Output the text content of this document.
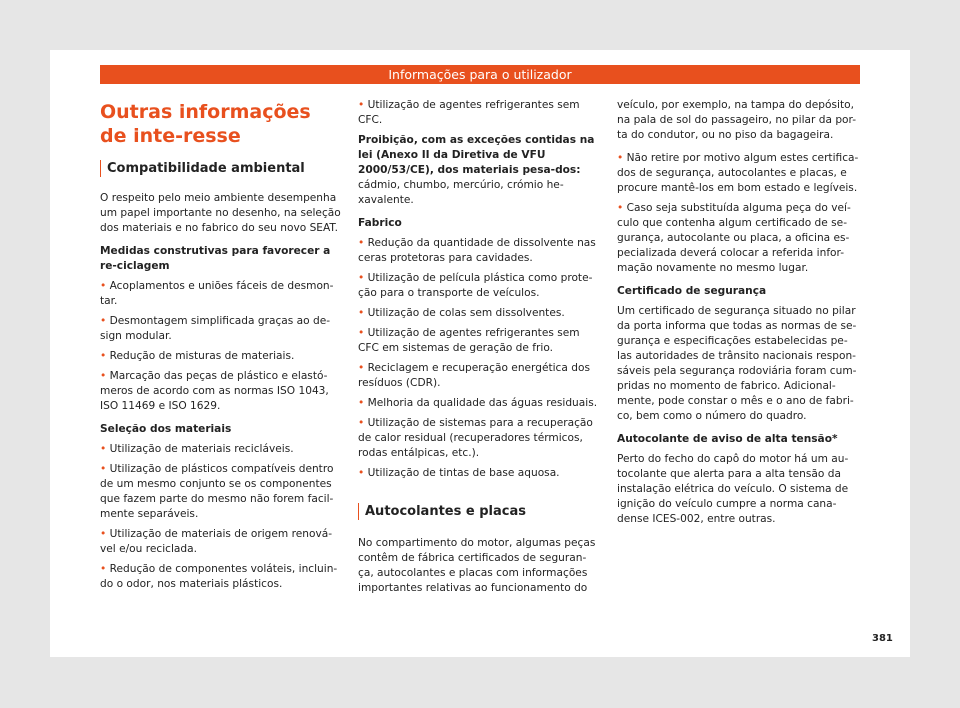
Informações para o utilizador
Outras informações de inte-resse
Compatibilidade ambiental

O respeito pelo meio ambiente desempenha um papel importante no desenho, na seleção dos materiais e no fabrico do seu novo SEAT.

Medidas construtivas para favorecer a re-ciclagem

• Acoplamentos e uniões fáceis de desmon-tar.

• Desmontagem simplificada graças ao de-sign modular.

• Redução de misturas de materiais.

• Marcação das peças de plástico e elastó-meros de acordo com as normas ISO 1043, ISO 11469 e ISO 1629.

Seleção dos materiais

• Utilização de materiais recicláveis.

• Utilização de plásticos compatíveis dentro de um mesmo conjunto se os componentes que fazem parte do mesmo não forem facil-mente separáveis.

• Utilização de materiais de origem renová-vel e/ou reciclada.

• Redução de componentes voláteis, incluin-do o odor, nos materiais plásticos.

• Utilização de agentes refrigerantes sem CFC.

Proibição, com as exceções contidas na lei (Anexo II da Diretiva de VFU 2000/53/CE), dos materiais pesa-dos: cádmio, chumbo, mercúrio, crómio he-xavalente.

Fabrico

• Redução da quantidade de dissolvente nas ceras protetoras para cavidades.

• Utilização de película plástica como prote-ção para o transporte de veículos.

• Utilização de colas sem dissolventes.

• Utilização de agentes refrigerantes sem CFC em sistemas de geração de frio.

• Reciclagem e recuperação energética dos resíduos (CDR).

• Melhoria da qualidade das águas residuais.

• Utilização de sistemas para a recuperação de calor residual (recuperadores térmicos, rodas entálpicas, etc.).

• Utilização de tintas de base aquosa.

Autocolantes e placas

No compartimento do motor, algumas peças contêm de fábrica certificados de seguran-ça, autocolantes e placas com informações importantes relativas ao funcionamento do

veículo, por exemplo, na tampa do depósito, na pala de sol do passageiro, no pilar da por-ta do condutor, ou no piso da bagageira.

• Não retire por motivo algum estes certifica-dos de segurança, autocolantes e placas, e procure mantê-los em bom estado e legíveis.

• Caso seja substituída alguma peça do veí-culo que contenha algum certificado de se-gurança, autocolante ou placa, a oficina es-pecializada deverá colocar a referida infor-mação novamente no mesmo lugar.

Certificado de segurança

Um certificado de segurança situado no pilar da porta informa que todas as normas de se-gurança e especificações estabelecidas pe-las autoridades de trânsito nacionais respon-sáveis pela segurança rodoviária foram cum-pridas no momento de fabrico. Adicional-mente, pode constar o mês e o ano de fabri-co, bem como o número do quadro.

Autocolante de aviso de alta tensão*

Perto do fecho do capô do motor há um au-tocolante que alerta para a alta tensão da instalação elétrica do veículo. O sistema de ignição do veículo cumpre a norma cana-dense ICES-002, entre outras.

381
